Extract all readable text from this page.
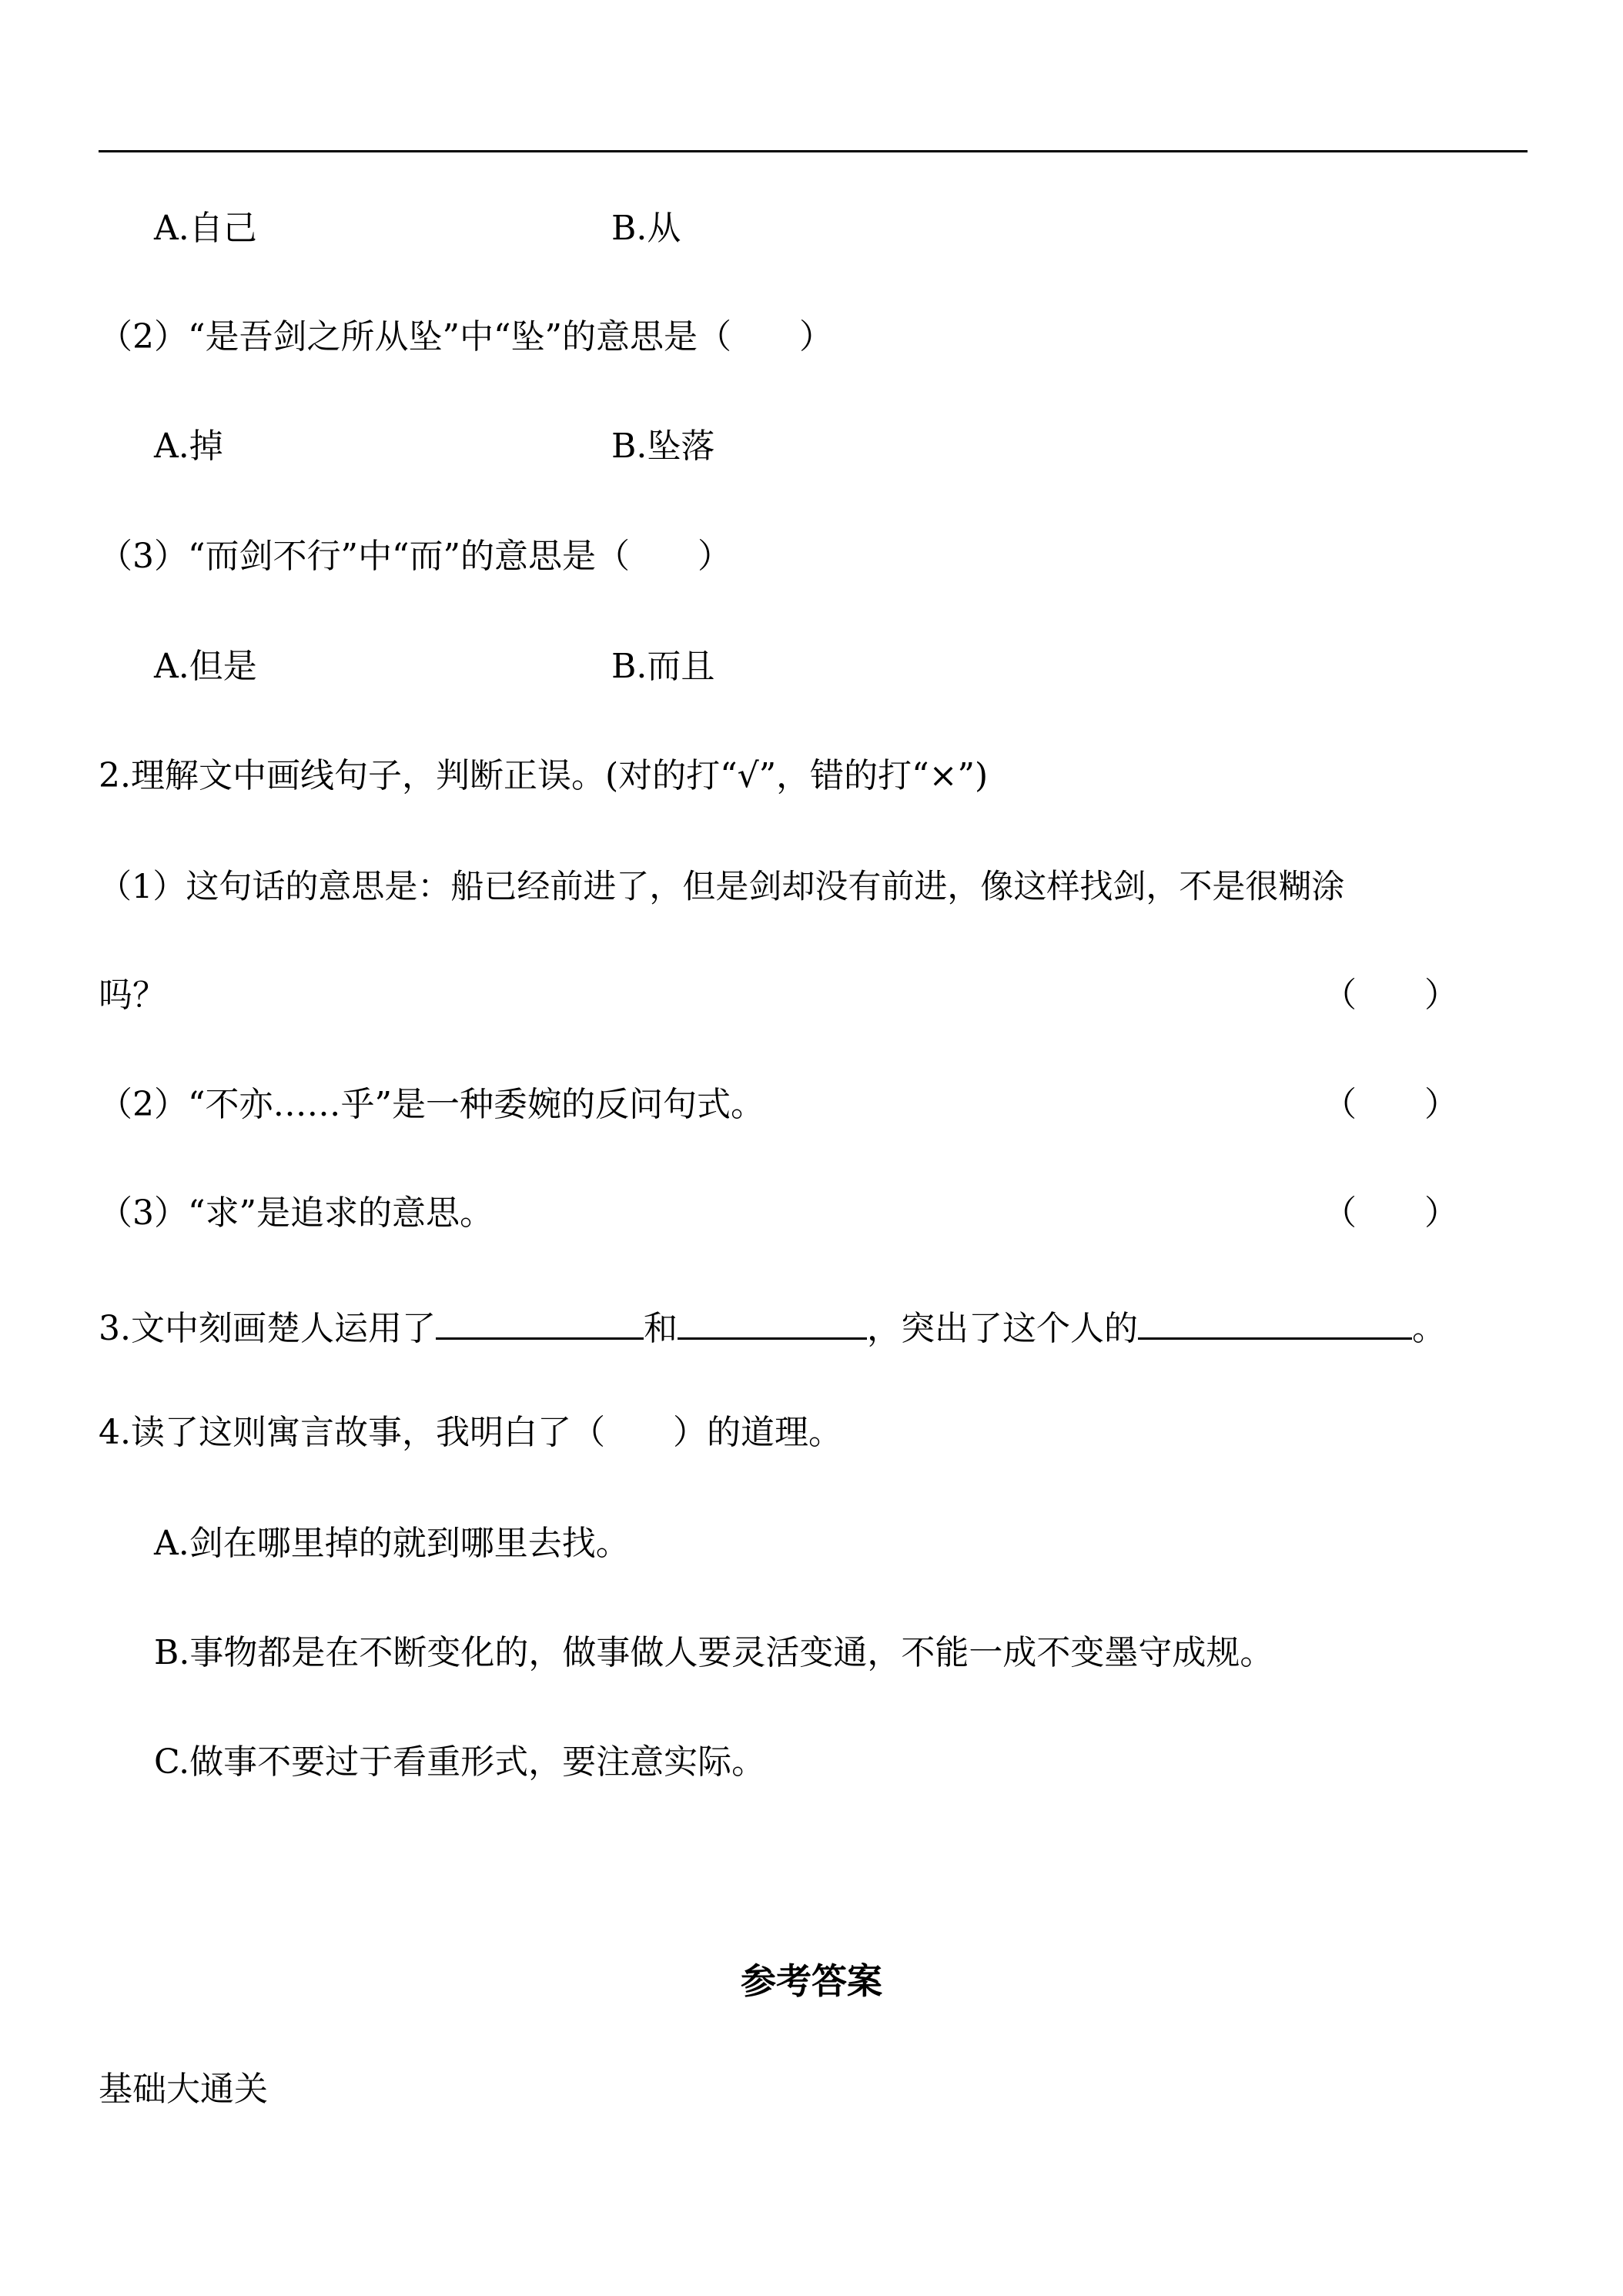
A.自己	B.从
（2）“是吾剑之所从坠”中“坠”的意思是（　　）
A.掉	B.坠落
（3）“而剑不行”中“而”的意思是（　　）
A.但是	B.而且
2.理解文中画线句子，判断正误。(对的打“√”，错的打“×”)
（1）这句话的意思是：船已经前进了，但是剑却没有前进，像这样找剑，不是很糊涂
吗？	（　　）
（2）“不亦……乎”是一种委婉的反问句式。	（　　）
（3）“求”是追求的意思。	（　　）
3.文中刻画楚人运用了	和	，突出了这个人的	。
4.读了这则寓言故事，我明白了（　　）的道理。
A.剑在哪里掉的就到哪里去找。
B.事物都是在不断变化的，做事做人要灵活变通，不能一成不变墨守成规。
C.做事不要过于看重形式，要注意实际。
参考答案
基础大通关
